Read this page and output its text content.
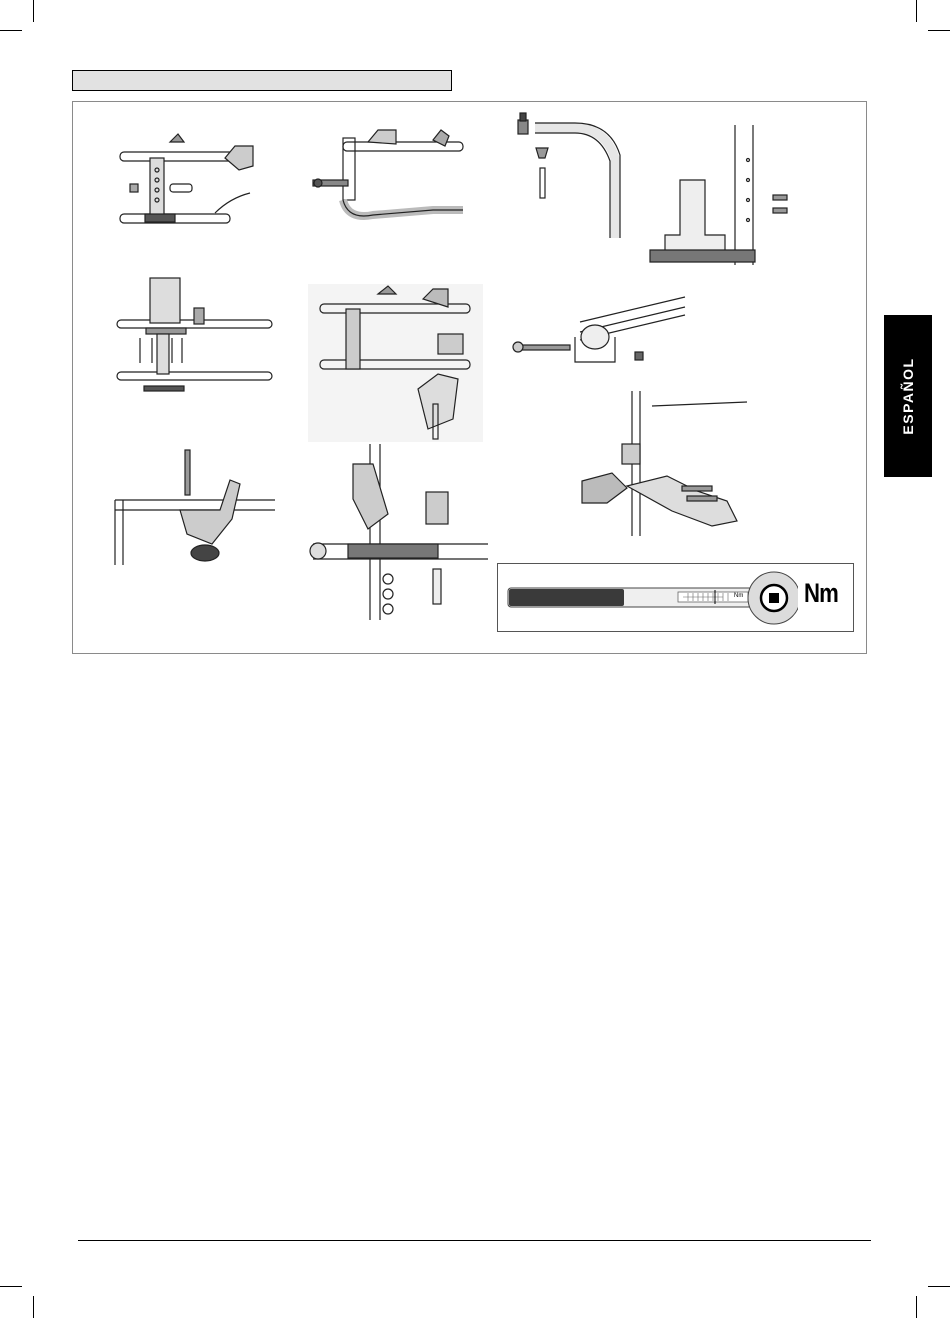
Nm Nm
ESPAÑOL
